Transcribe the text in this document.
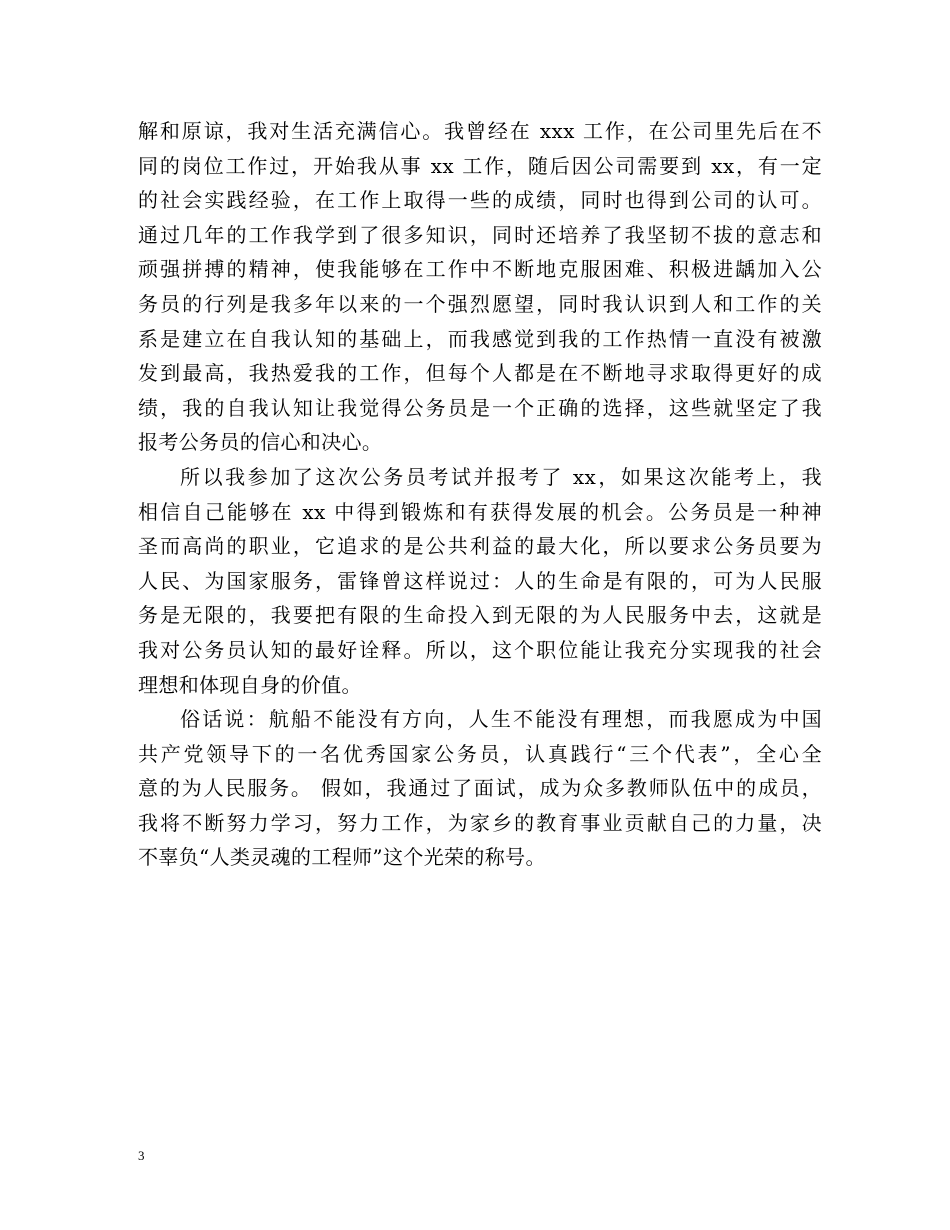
解和原谅，我对生活充满信心。我曾经在 xxx 工作，在公司里先后在不
同的岗位工作过，开始我从事 xx 工作，随后因公司需要到 xx，有一定
的社会实践经验，在工作上取得一些的成绩，同时也得到公司的认可。
通过几年的工作我学到了很多知识，同时还培养了我坚韧不拔的意志和
顽强拼搏的精神，使我能够在工作中不断地克服困难、积极进龋加入公
务员的行列是我多年以来的一个强烈愿望，同时我认识到人和工作的关
系是建立在自我认知的基础上，而我感觉到我的工作热情一直没有被激
发到最高，我热爱我的工作，但每个人都是在不断地寻求取得更好的成
绩，我的自我认知让我觉得公务员是一个正确的选择，这些就坚定了我
报考公务员的信心和决心。
所以我参加了这次公务员考试并报考了 xx，如果这次能考上，我
相信自己能够在 xx 中得到锻炼和有获得发展的机会。公务员是一种神
圣而高尚的职业，它追求的是公共利益的最大化，所以要求公务员要为
人民、为国家服务，雷锋曾这样说过：人的生命是有限的，可为人民服
务是无限的，我要把有限的生命投入到无限的为人民服务中去，这就是
我对公务员认知的最好诠释。所以，这个职位能让我充分实现我的社会
理想和体现自身的价值。
俗话说：航船不能没有方向，人生不能没有理想，而我愿成为中国
共产党领导下的一名优秀国家公务员，认真践行“三个代表”，全心全
意的为人民服务。 假如，我通过了面试，成为众多教师队伍中的成员，
我将不断努力学习，努力工作，为家乡的教育事业贡献自己的力量，决
不辜负“人类灵魂的工程师”这个光荣的称号。
3
